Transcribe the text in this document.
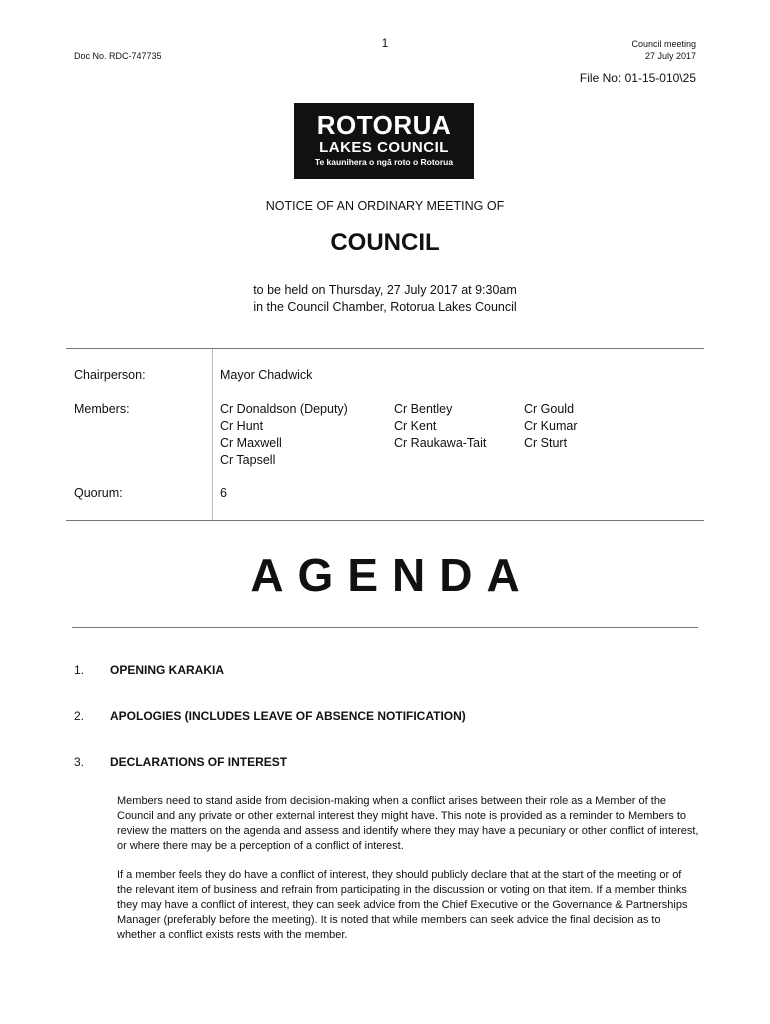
1
Doc No. RDC-747735
Council meeting
27 July 2017
File No: 01-15-010\25
ROTORUA
LAKES COUNCIL
Te kaunihera o ngā roto o Rotorua
NOTICE OF AN ORDINARY MEETING OF
COUNCIL
to be held on Thursday, 27 July 2017 at 9:30am
in the Council Chamber, Rotorua Lakes Council
Chairperson:	Mayor Chadwick
Members:	Cr Donaldson (Deputy)
Cr Hunt
Cr Maxwell
Cr Tapsell
Cr Bentley
Cr Kent
Cr Raukawa-Tait
Cr Gould
Cr Kumar
Cr Sturt
Quorum:	6
AGENDA
1. OPENING KARAKIA
2. APOLOGIES (INCLUDES LEAVE OF ABSENCE NOTIFICATION)
3. DECLARATIONS OF INTEREST
Members need to stand aside from decision-making when a conflict arises between their role as a Member of the Council and any private or other external interest they might have. This note is provided as a reminder to Members to review the matters on the agenda and assess and identify where they may have a pecuniary or other conflict of interest, or where there may be a perception of a conflict of interest.
If a member feels they do have a conflict of interest, they should publicly declare that at the start of the meeting or of the relevant item of business and refrain from participating in the discussion or voting on that item. If a member thinks they may have a conflict of interest, they can seek advice from the Chief Executive or the Governance & Partnerships Manager (preferably before the meeting). It is noted that while members can seek advice the final decision as to whether a conflict exists rests with the member.
